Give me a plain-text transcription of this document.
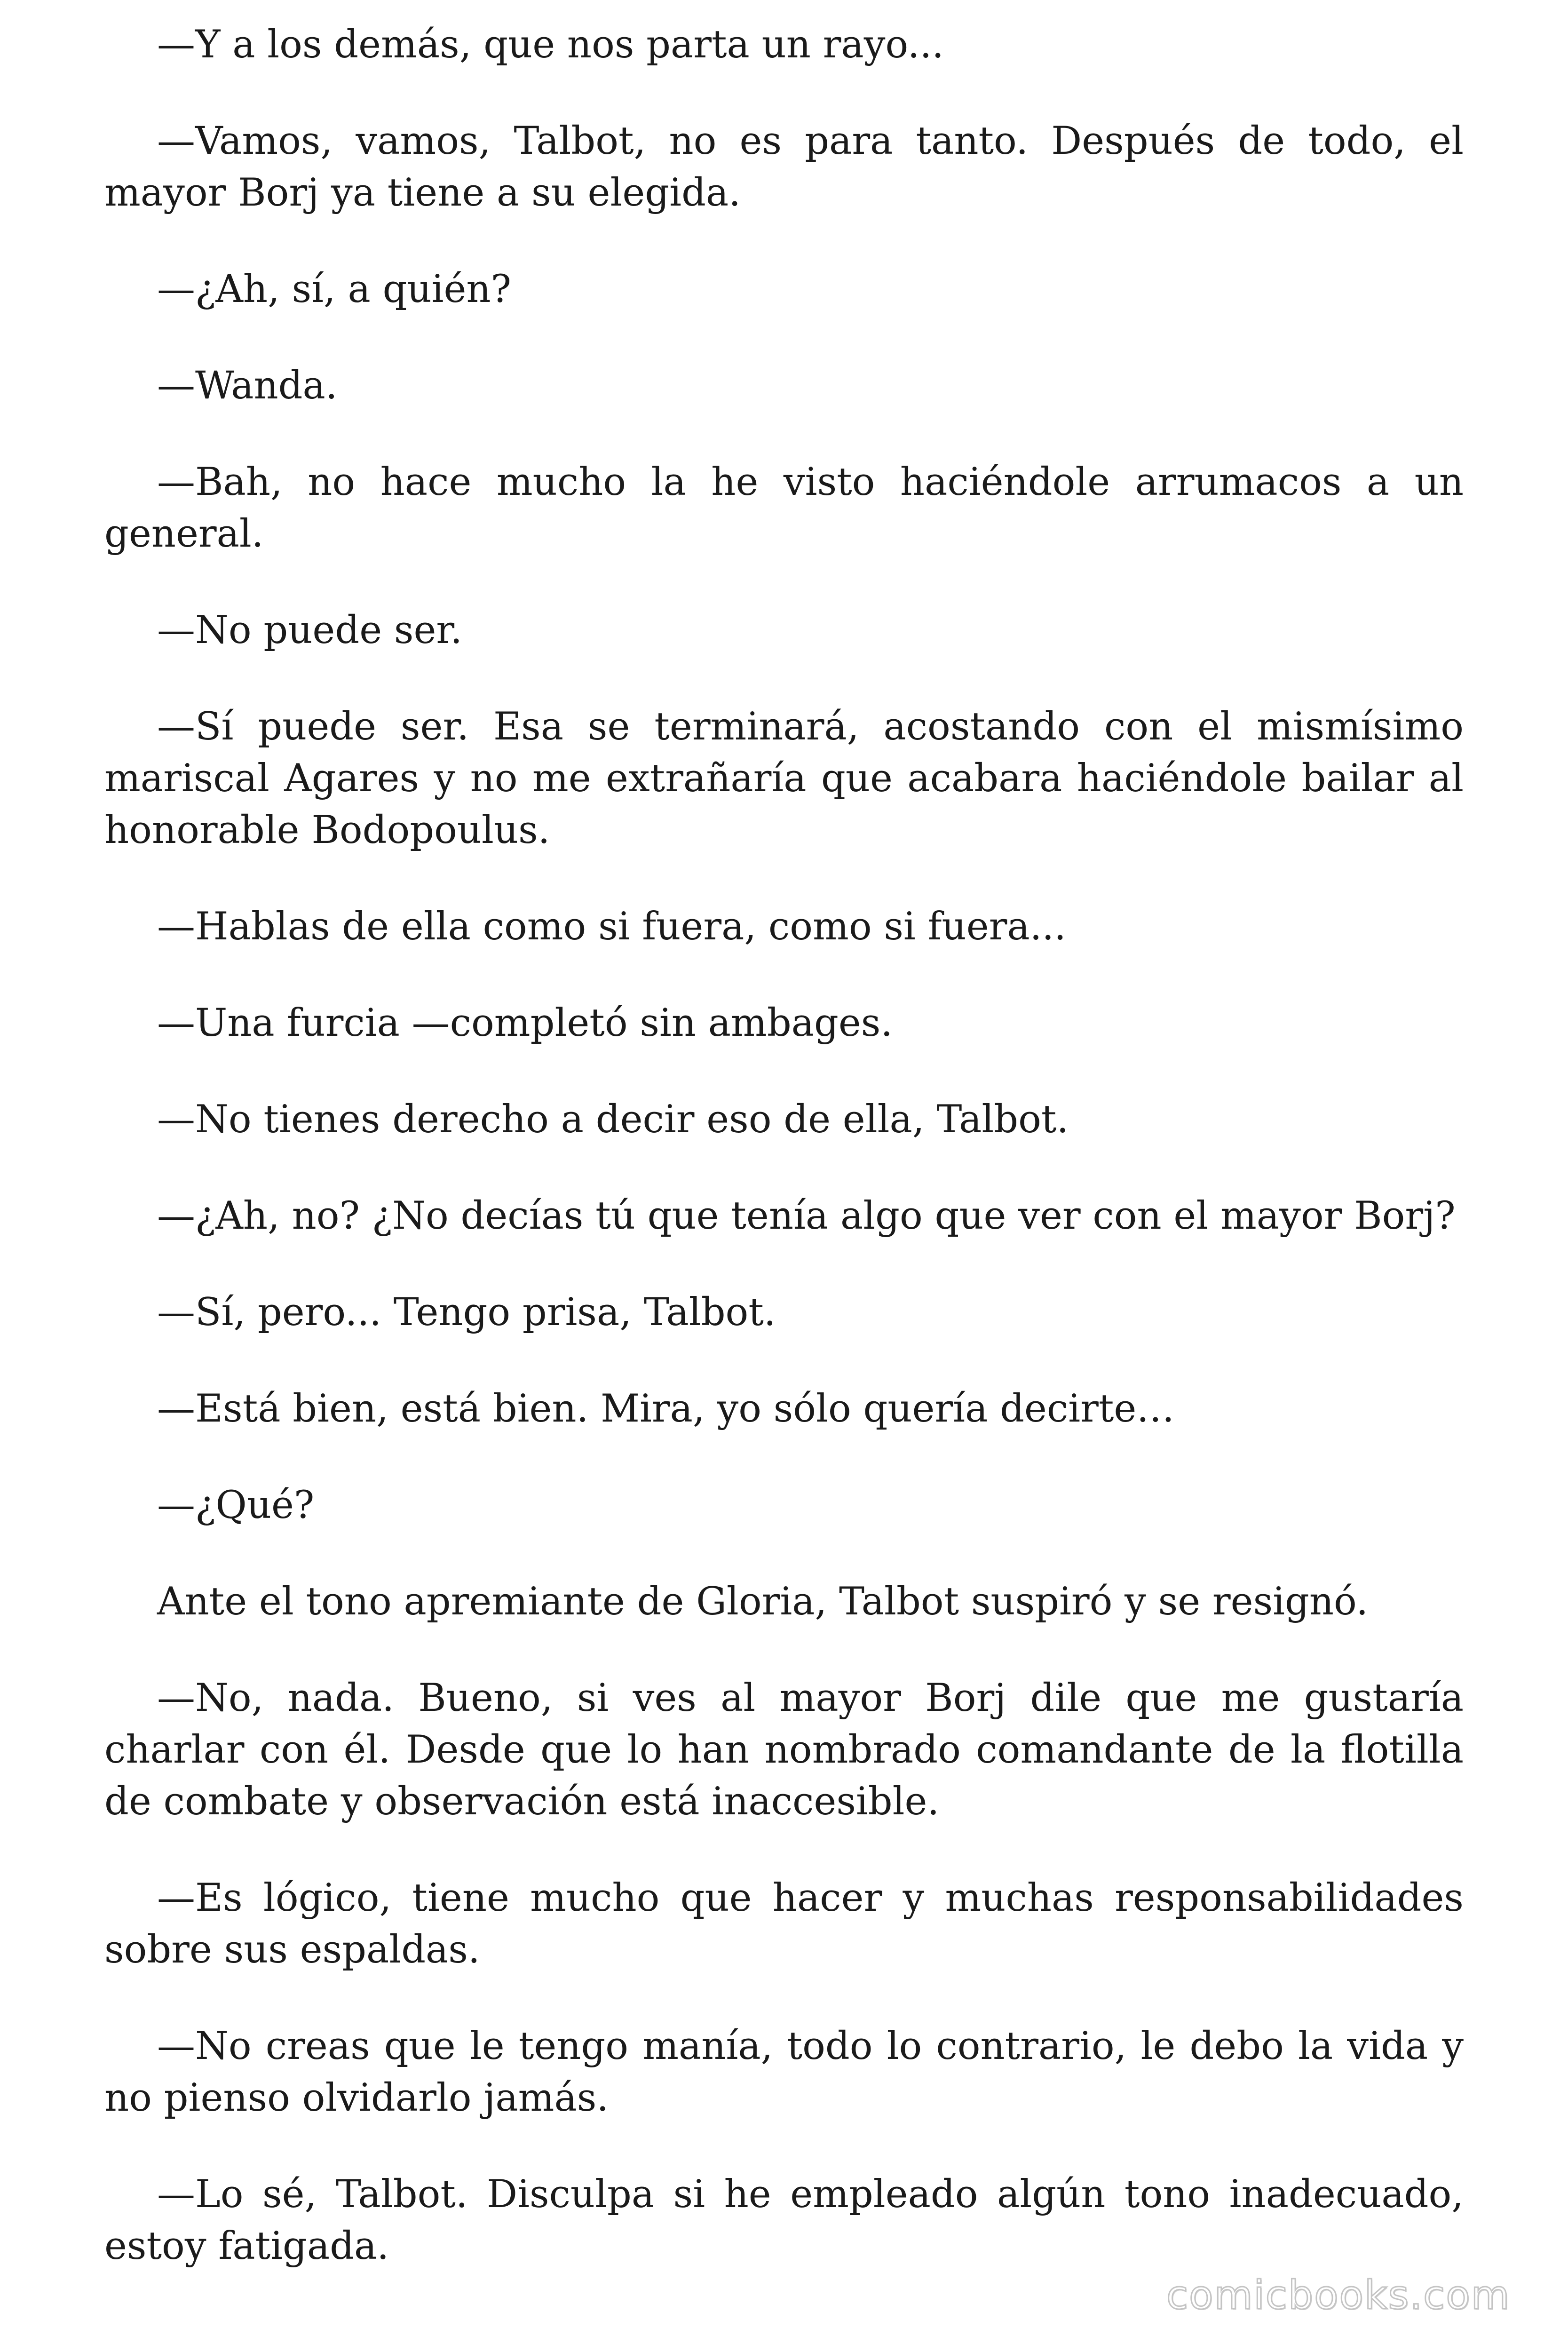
—Y a los demás, que nos parta un rayo...

—Vamos, vamos, Talbot, no es para tanto. Después de todo, el mayor Borj ya tiene a su elegida.

—¿Ah, sí, a quién?

—Wanda.

—Bah, no hace mucho la he visto haciéndole arrumacos a un general.

—No puede ser.

—Sí puede ser. Esa se terminará, acostando con el mismísimo mariscal Agares y no me extrañaría que acabara haciéndole bailar al honorable Bodopoulus.

—Hablas de ella como si fuera, como si fuera...

—Una furcia —completó sin ambages.

—No tienes derecho a decir eso de ella, Talbot.

—¿Ah, no? ¿No decías tú que tenía algo que ver con el mayor Borj?

—Sí, pero... Tengo prisa, Talbot.

—Está bien, está bien. Mira, yo sólo quería decirte…

—¿Qué?

Ante el tono apremiante de Gloria, Talbot suspiró y se resignó.

—No, nada. Bueno, si ves al mayor Borj dile que me gustaría charlar con él. Desde que lo han nombrado comandante de la flotilla de combate y observación está inaccesible.

—Es lógico, tiene mucho que hacer y muchas responsabilidades sobre sus espaldas.

—No creas que le tengo manía, todo lo contrario, le debo la vida y no pienso olvidarlo jamás.

—Lo sé, Talbot. Disculpa si he empleado algún tono inadecuado, estoy fatigada.

comicbooks.com
